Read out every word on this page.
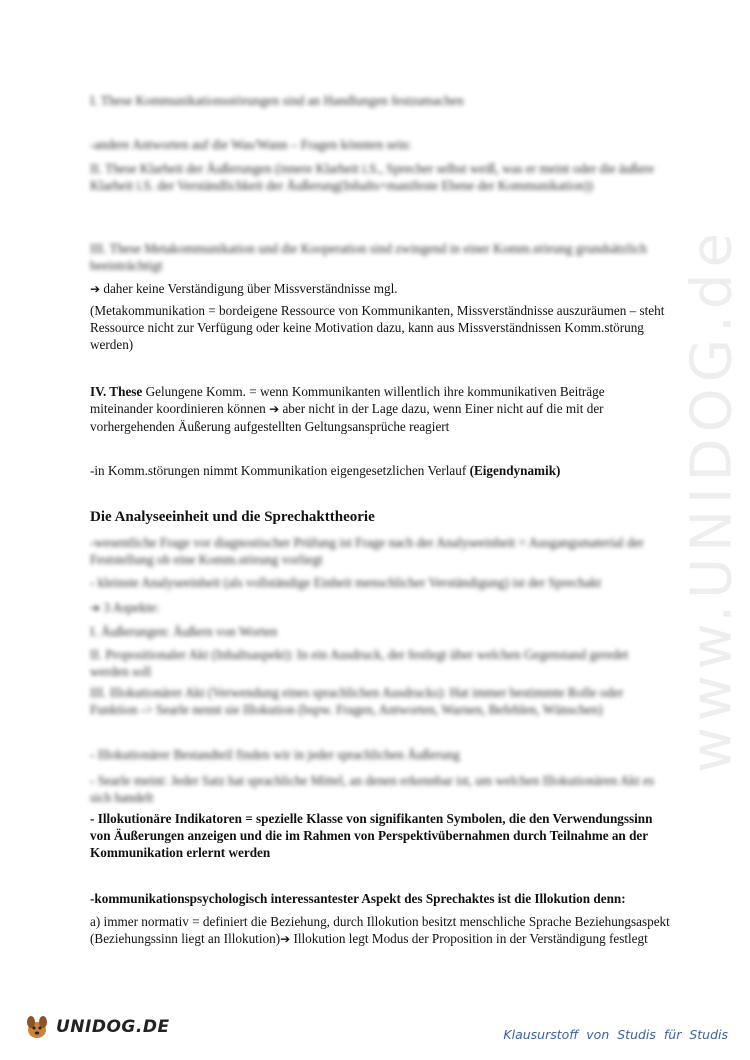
www.UNIDOG.de

I. These Kommunikationsstörungen sind an Handlungen festzumachen

-andere Antworten auf die Was/Wann – Fragen könnten sein:

II. These Klarheit der Äußerungen (innere Klarheit i.S., Sprecher selbst weiß, was er meint oder die äußere Klarheit i.S. der Verständlichkeit der Äußerung(Inhalts+manifeste Ebene der Kommunikation))

III. These Metakommunikation und die Kooperation sind zwingend in einer Komm.störung grundsätzlich beeinträchtigt

➔ daher keine Verständigung über Missverständnisse mgl.

(Metakommunikation = bordeigene Ressource von Kommunikanten, Missverständnisse auszuräumen – steht Ressource nicht zur Verfügung oder keine Motivation dazu, kann aus Missverständnissen Komm.störung werden)

IV. These Gelungene Komm. = wenn Kommunikanten willentlich ihre kommunikativen Beiträge miteinander koordinieren können ➔ aber nicht in der Lage dazu, wenn Einer nicht auf die mit der vorhergehenden Äußerung aufgestellten Geltungsansprüche reagiert

-in Komm.störungen nimmt Kommunikation eigengesetzlichen Verlauf (Eigendynamik)

Die Analyseeinheit und die Sprechakttheorie

-wesentliche Frage vor diagnostischer Prüfung ist Frage nach der Analyseeinheit = Ausgangsmaterial der Feststellung ob eine Komm.störung vorliegt

- kleinste Analyseeinheit (als vollständige Einheit menschlicher Verständigung) ist der Sprechakt

➔ 3 Aspekte:

I. Äußerungen: Äußern von Worten

II. Propositionaler Akt (Inhaltsaspekt): In ein Ausdruck, der festlegt über welchen Gegenstand geredet werden soll

III. Illokutionärer Akt (Verwendung eines sprachlichen Ausdrucks): Hat immer bestimmte Rolle oder Funktion -> Searle nennt sie Illokution (bspw. Fragen, Antworten, Warnen, Befehlen, Wünschen)

- Illokutionärer Bestandteil finden wir in jeder sprachlichen Äußerung

- Searle meint: Jeder Satz hat sprachliche Mittel, an denen erkennbar ist, um welchen Illokutionären Akt es sich handelt

- Illokutionäre Indikatoren = spezielle Klasse von signifikanten Symbolen, die den Verwendungssinn von Äußerungen anzeigen und die im Rahmen von Perspektivübernahmen durch Teilnahme an der Kommunikation erlernt werden

-kommunikationspsychologisch interessantester Aspekt des Sprechaktes ist die Illokution denn:

a) immer normativ = definiert die Beziehung, durch Illokution besitzt menschliche Sprache Beziehungsaspekt (Beziehungssinn liegt an Illokution)➔ Illokution legt Modus der Proposition in der Verständigung festlegt

UNIDOG.DE	Klausurstoff von Studis für Studis
